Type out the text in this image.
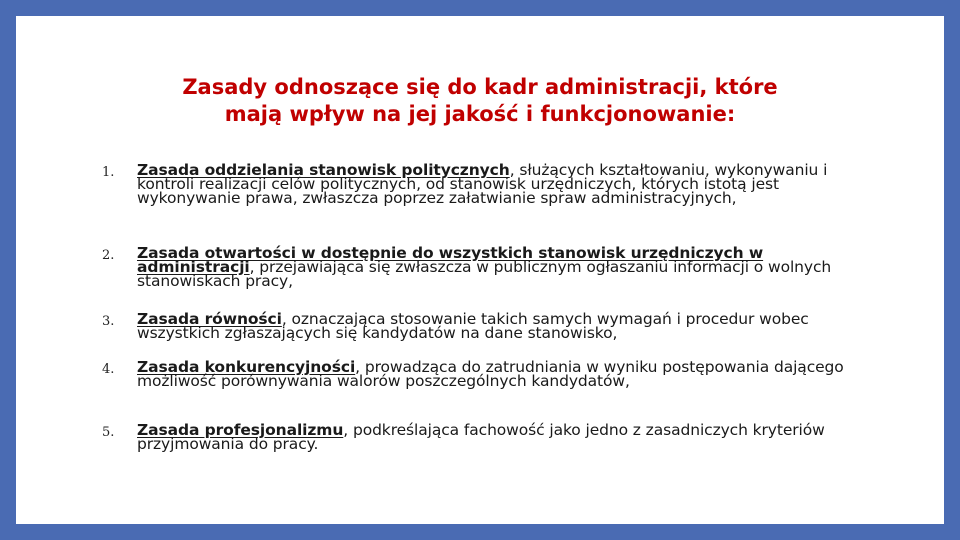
Zasady odnoszące się do kadr administracji, które
mają wpływ na jej jakość i funkcjonowanie:
1. Zasada oddzielania stanowisk politycznych, służących kształtowaniu, wykonywaniu i kontroli realizacji celów politycznych, od stanowisk urzędniczych, których istotą jest wykonywanie prawa, zwłaszcza poprzez załatwianie spraw administracyjnych,
2. Zasada otwartości w dostępnie do wszystkich stanowisk urzędniczych w administracji, przejawiająca się zwłaszcza w publicznym ogłaszaniu informacji o wolnych stanowiskach pracy,
3. Zasada równości, oznaczająca stosowanie takich samych wymagań i procedur wobec wszystkich zgłaszających się kandydatów na dane stanowisko,
4. Zasada konkurencyjności, prowadząca do zatrudniania w wyniku postępowania dającego możliwość porównywania walorów poszczególnych kandydatów,
5. Zasada profesjonalizmu, podkreślająca fachowość jako jedno z zasadniczych kryteriów przyjmowania do pracy.
